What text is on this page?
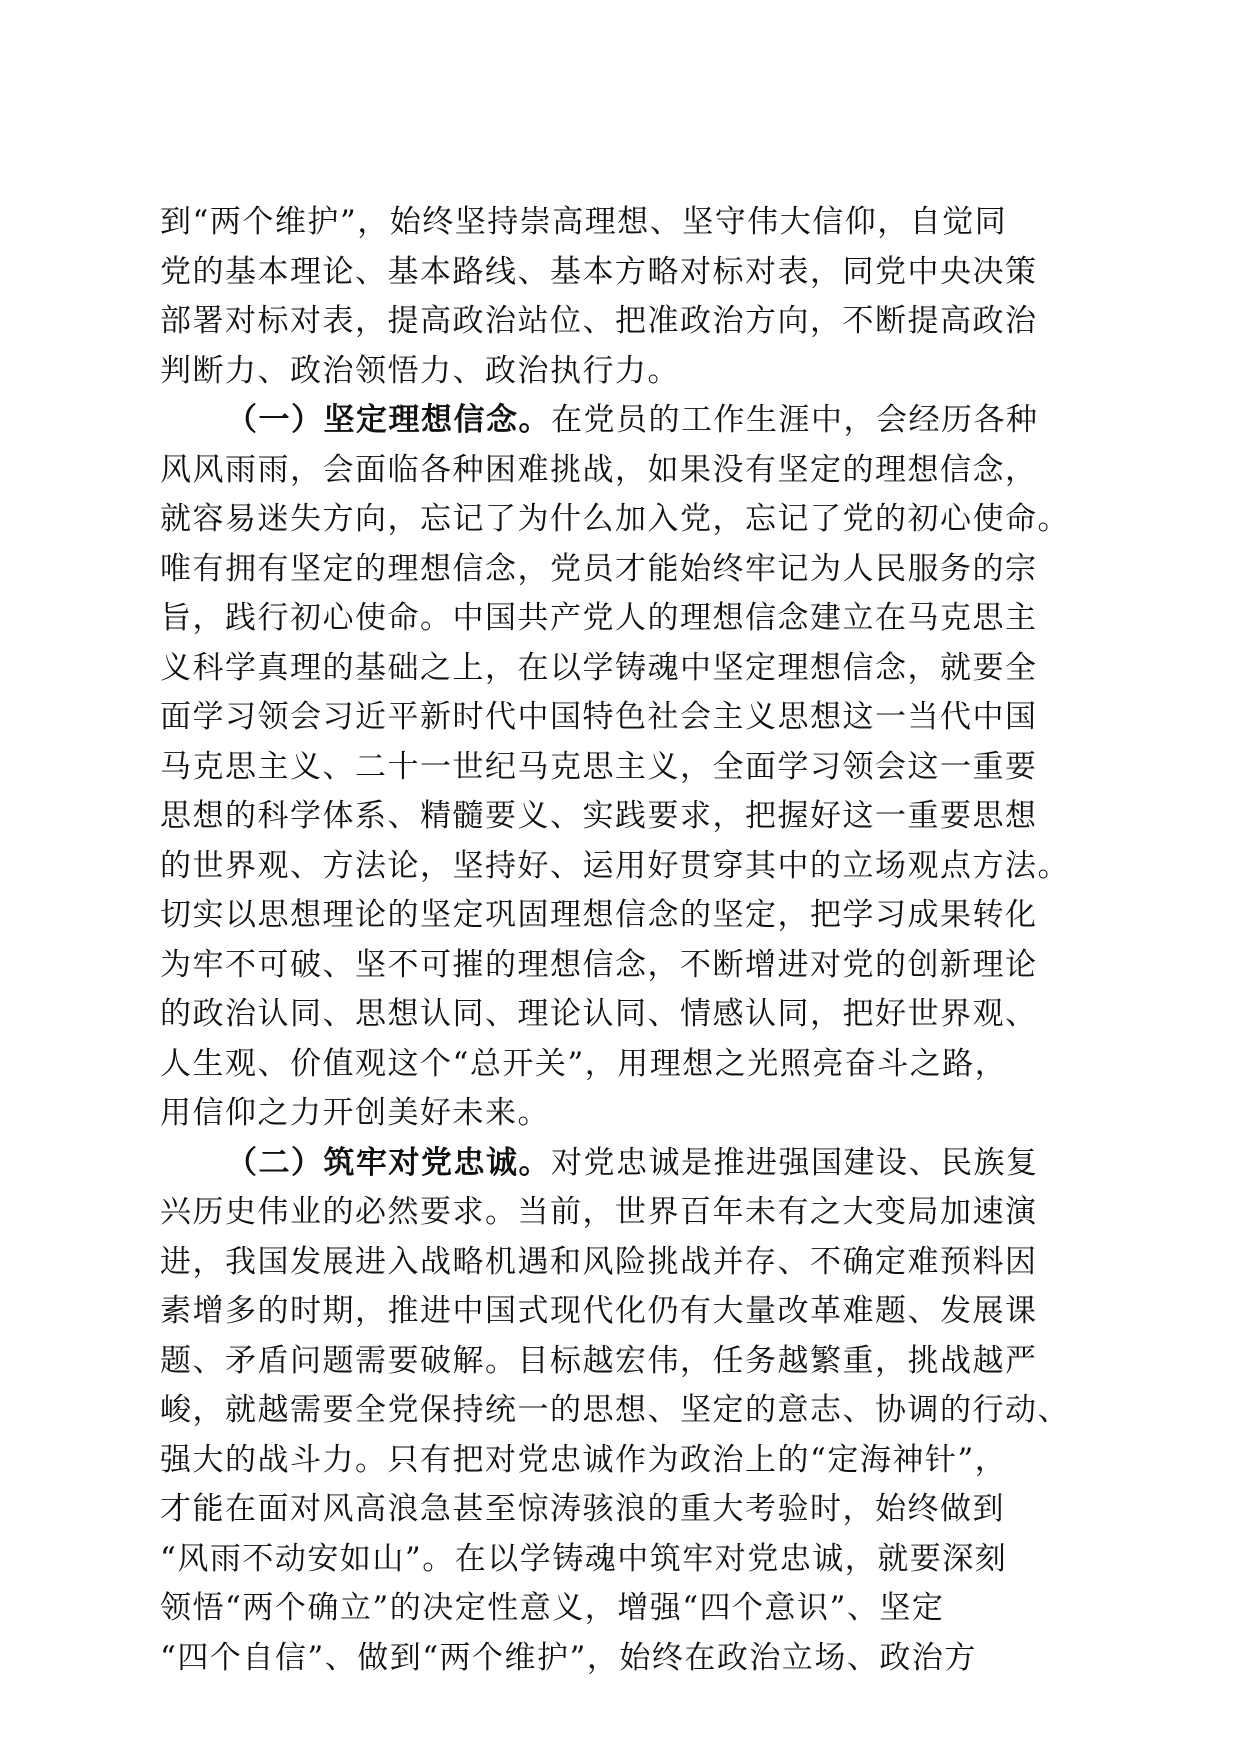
到“两个维护”，始终坚持崇高理想、坚守伟大信仰，自觉同
党的基本理论、基本路线、基本方略对标对表，同党中央决策
部署对标对表，提高政治站位、把准政治方向，不断提高政治
判断力、政治领悟力、政治执行力。
（一）坚定理想信念。在党员的工作生涯中，会经历各种
风风雨雨，会面临各种困难挑战，如果没有坚定的理想信念，
就容易迷失方向，忘记了为什么加入党，忘记了党的初心使命。
唯有拥有坚定的理想信念，党员才能始终牢记为人民服务的宗
旨，践行初心使命。中国共产党人的理想信念建立在马克思主
义科学真理的基础之上，在以学铸魂中坚定理想信念，就要全
面学习领会习近平新时代中国特色社会主义思想这一当代中国
马克思主义、二十一世纪马克思主义，全面学习领会这一重要
思想的科学体系、精髓要义、实践要求，把握好这一重要思想
的世界观、方法论，坚持好、运用好贯穿其中的立场观点方法。
切实以思想理论的坚定巩固理想信念的坚定，把学习成果转化
为牢不可破、坚不可摧的理想信念，不断增进对党的创新理论
的政治认同、思想认同、理论认同、情感认同，把好世界观、
人生观、价值观这个“总开关”，用理想之光照亮奋斗之路，
用信仰之力开创美好未来。
（二）筑牢对党忠诚。对党忠诚是推进强国建设、民族复
兴历史伟业的必然要求。当前，世界百年未有之大变局加速演
进，我国发展进入战略机遇和风险挑战并存、不确定难预料因
素增多的时期，推进中国式现代化仍有大量改革难题、发展课
题、矛盾问题需要破解。目标越宏伟，任务越繁重，挑战越严
峻，就越需要全党保持统一的思想、坚定的意志、协调的行动、
强大的战斗力。只有把对党忠诚作为政治上的“定海神针”，
才能在面对风高浪急甚至惊涛骇浪的重大考验时，始终做到
“风雨不动安如山”。在以学铸魂中筑牢对党忠诚，就要深刻
领悟“两个确立”的决定性意义，增强“四个意识”、坚定
“四个自信”、做到“两个维护”，始终在政治立场、政治方
